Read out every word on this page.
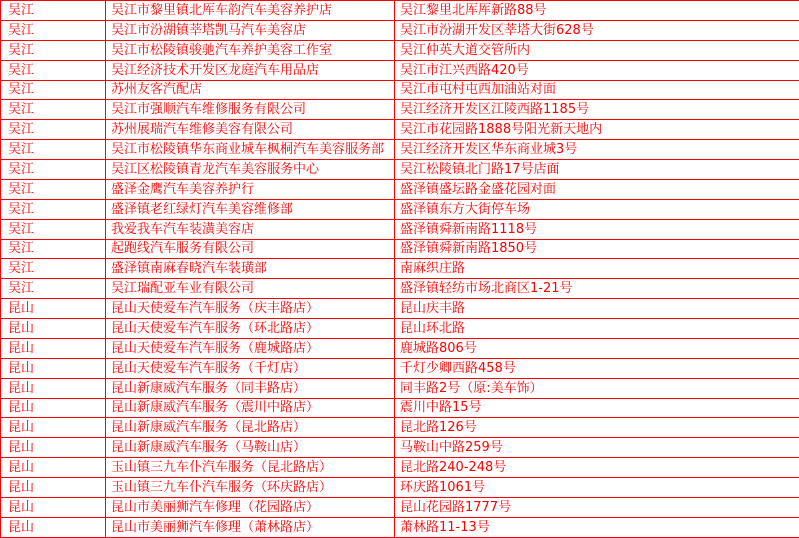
吴江	吴江市黎里镇北厍车韵汽车美容养护店	吴江黎里北厍厍新路88号
吴江	吴江市汾湖镇莘塔凯马汽车美容店	吴江市汾湖开发区莘塔大街628号
吴江	吴江市松陵镇骏驰汽车养护美容工作室	吴江仲英大道交管所内
吴江	吴江经济技术开发区龙庭汽车用品店	吴江市江兴西路420号
吴江	苏州友客汽配店	吴江市屯村屯西加油站对面
吴江	吴江市强顺汽车维修服务有限公司	吴江经济开发区江陵西路1185号
吴江	苏州展瑞汽车维修美容有限公司	吴江市花园路1888号阳光新天地内
吴江	吴江市松陵镇华东商业城车枫桐汽车美容服务部	吴江经济开发区华东商业城3号
吴江	吴江区松陵镇青龙汽车美容服务中心	吴江松陵镇北门路17号店面
吴江	盛泽金鹰汽车美容养护行	盛泽镇盛坛路金盛花园对面
吴江	盛泽镇老红绿灯汽车美容维修部	盛泽镇东方大街停车场
吴江	我爱我车汽车装潢美容店	盛泽镇舜新南路1118号
吴江	起跑线汽车服务有限公司	盛泽镇舜新南路1850号
吴江	盛泽镇南麻春晓汽车装璜部	南麻织庄路
吴江	吴江瑞配亚车业有限公司	盛泽镇轻纺市场北商区1-21号
昆山	昆山天使爱车汽车服务（庆丰路店）	昆山庆丰路
昆山	昆山天使爱车汽车服务（环北路店）	昆山环北路
昆山	昆山天使爱车汽车服务（鹿城路店）	鹿城路806号
昆山	昆山天使爱车汽车服务（千灯店）	千灯少卿西路458号
昆山	昆山新康威汽车服务（同丰路店）	同丰路2号（原:美车饰）
昆山	昆山新康威汽车服务（震川中路店）	震川中路15号
昆山	昆山新康威汽车服务（昆北路店）	昆北路126号
昆山	昆山新康威汽车服务（马鞍山店）	马鞍山中路259号
昆山	玉山镇三九车仆汽车服务（昆北路店）	昆北路240-248号
昆山	玉山镇三九车仆汽车服务（环庆路店）	环庆路1061号
昆山	昆山市美丽狮汽车修理（花园路店）	昆山花园路1777号
昆山	昆山市美丽狮汽车修理（萧林路店）	萧林路11-13号
